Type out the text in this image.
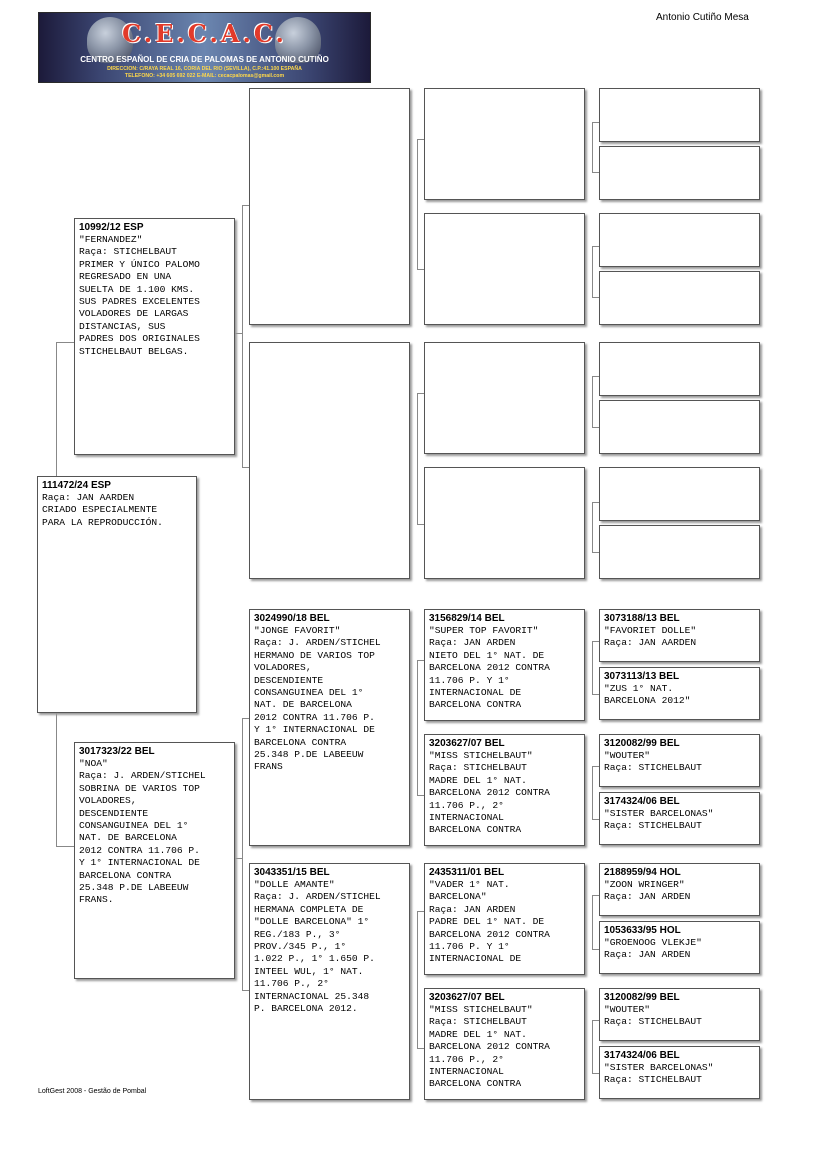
C.E.C.A.C.
CENTRO ESPAÑOL DE CRIA DE PALOMAS DE ANTONIO CUTIÑO
DIRECCION: C/RAYA REAL 16, CORIA DEL RIO (SEVILLA), C.P.:41.100 ESPAÑA
TELEFONO: +34 605 692 022 E-MAIL: cecacpalomas@gmail.com
Antonio Cutiño Mesa
111472/24 ESP
Raça: JAN AARDEN
CRIADO ESPECIALMENTE
PARA LA REPRODUCCIÓN.
10992/12 ESP
"FERNANDEZ"
Raça: STICHELBAUT
PRIMER Y ÚNICO PALOMO
REGRESADO EN UNA
SUELTA DE 1.100 KMS.
SUS PADRES EXCELENTES
VOLADORES DE LARGAS
DISTANCIAS, SUS
PADRES DOS ORIGINALES
STICHELBAUT BELGAS.
3017323/22 BEL
"NOA"
Raça: J. ARDEN/STICHEL
SOBRINA DE VARIOS TOP
VOLADORES,
DESCENDIENTE
CONSANGUINEA DEL 1°
NAT. DE BARCELONA
2012 CONTRA 11.706 P.
Y 1° INTERNACIONAL DE
BARCELONA CONTRA
25.348 P.DE LABEEUW
FRANS.
3024990/18 BEL
"JONGE FAVORIT"
Raça: J. ARDEN/STICHEL
HERMANO DE VARIOS TOP
VOLADORES,
DESCENDIENTE
CONSANGUINEA DEL 1°
NAT. DE BARCELONA
2012 CONTRA 11.706 P.
Y 1° INTERNACIONAL DE
BARCELONA CONTRA
25.348 P.DE LABEEUW
FRANS
3043351/15 BEL
"DOLLE AMANTE"
Raça: J. ARDEN/STICHEL
HERMANA COMPLETA DE
"DOLLE BARCELONA" 1°
REG./183 P., 3°
PROV./345 P., 1°
1.022 P., 1° 1.650 P.
INTEEL WUL, 1° NAT.
11.706 P., 2°
INTERNACIONAL 25.348
P. BARCELONA 2012.
3156829/14 BEL
"SUPER TOP FAVORIT"
Raça: JAN ARDEN
NIETO DEL 1° NAT. DE
BARCELONA 2012 CONTRA
11.706 P. Y 1°
INTERNACIONAL DE
BARCELONA CONTRA
3203627/07 BEL
"MISS STICHELBAUT"
Raça: STICHELBAUT
MADRE DEL 1° NAT.
BARCELONA 2012 CONTRA
11.706 P., 2°
INTERNACIONAL
BARCELONA CONTRA
2435311/01 BEL
"VADER 1° NAT.
BARCELONA"
Raça: JAN ARDEN
PADRE DEL 1° NAT. DE
BARCELONA 2012 CONTRA
11.706 P. Y 1°
INTERNACIONAL DE
3203627/07 BEL
"MISS STICHELBAUT"
Raça: STICHELBAUT
MADRE DEL 1° NAT.
BARCELONA 2012 CONTRA
11.706 P., 2°
INTERNACIONAL
BARCELONA CONTRA
3073188/13 BEL
"FAVORIET DOLLE"
Raça: JAN AARDEN
3073113/13 BEL
"ZUS 1° NAT.
BARCELONA 2012"
3120082/99 BEL
"WOUTER"
Raça: STICHELBAUT
3174324/06 BEL
"SISTER BARCELONAS"
Raça: STICHELBAUT
2188959/94 HOL
"ZOON WRINGER"
Raça: JAN ARDEN
1053633/95 HOL
"GROENOOG VLEKJE"
Raça: JAN ARDEN
3120082/99 BEL
"WOUTER"
Raça: STICHELBAUT
3174324/06 BEL
"SISTER BARCELONAS"
Raça: STICHELBAUT
LoftGest 2008 - Gestão de Pombal
